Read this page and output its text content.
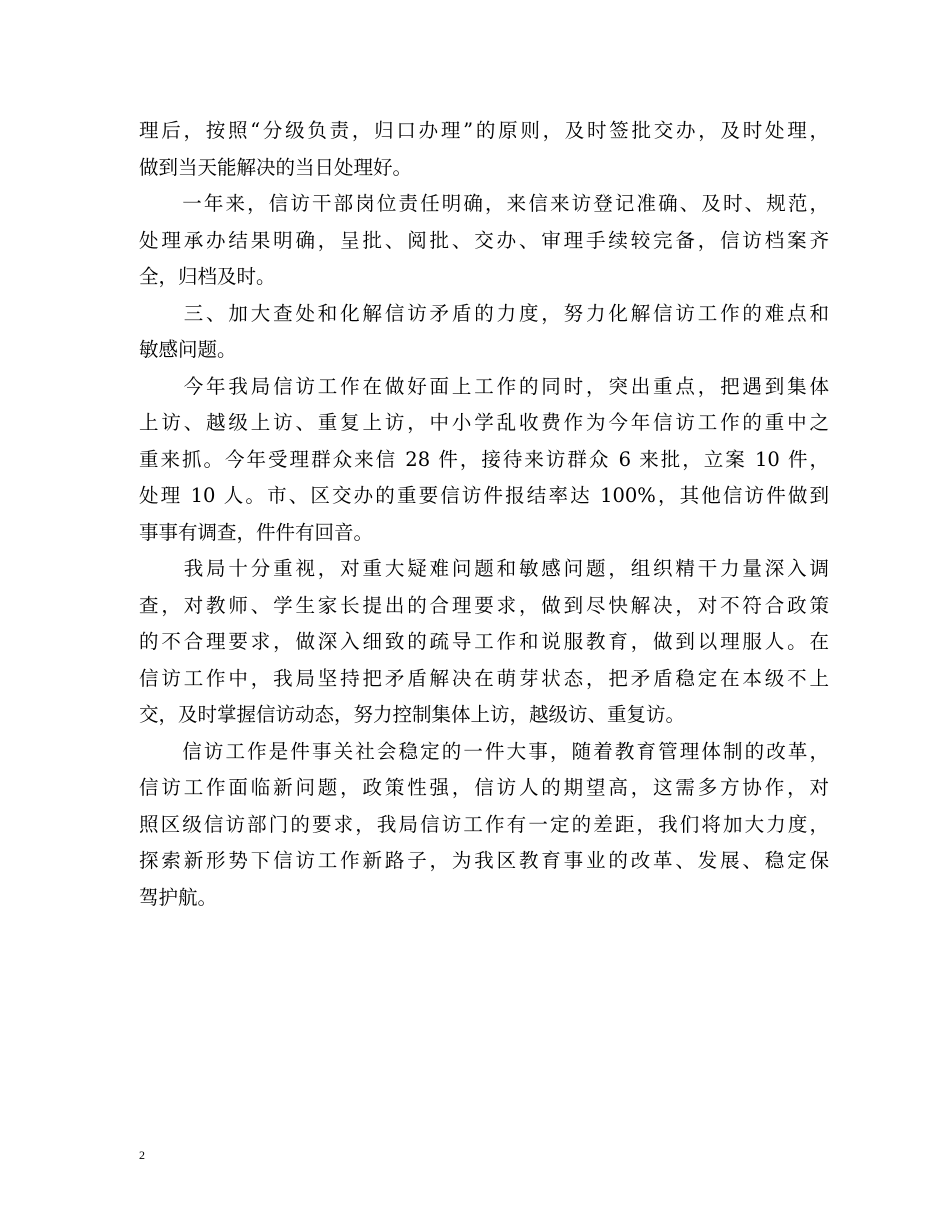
理后，按照“分级负责，归口办理”的原则，及时签批交办，及时处理，
做到当天能解决的当日处理好。
　　一年来，信访干部岗位责任明确，来信来访登记准确、及时、规范，
处理承办结果明确，呈批、阅批、交办、审理手续较完备，信访档案齐
全，归档及时。
　　三、加大查处和化解信访矛盾的力度，努力化解信访工作的难点和
敏感问题。
　　今年我局信访工作在做好面上工作的同时，突出重点，把遇到集体
上访、越级上访、重复上访，中小学乱收费作为今年信访工作的重中之
重来抓。今年受理群众来信 28 件，接待来访群众 6 来批，立案 10 件，
处理 10 人。市、区交办的重要信访件报结率达 100%，其他信访件做到
事事有调查，件件有回音。
　　我局十分重视，对重大疑难问题和敏感问题，组织精干力量深入调
查，对教师、学生家长提出的合理要求，做到尽快解决，对不符合政策
的不合理要求，做深入细致的疏导工作和说服教育，做到以理服人。在
信访工作中，我局坚持把矛盾解决在萌芽状态，把矛盾稳定在本级不上
交，及时掌握信访动态，努力控制集体上访，越级访、重复访。
　　信访工作是件事关社会稳定的一件大事，随着教育管理体制的改革，
信访工作面临新问题，政策性强，信访人的期望高，这需多方协作，对
照区级信访部门的要求，我局信访工作有一定的差距，我们将加大力度，
探索新形势下信访工作新路子，为我区教育事业的改革、发展、稳定保
驾护航。
2
